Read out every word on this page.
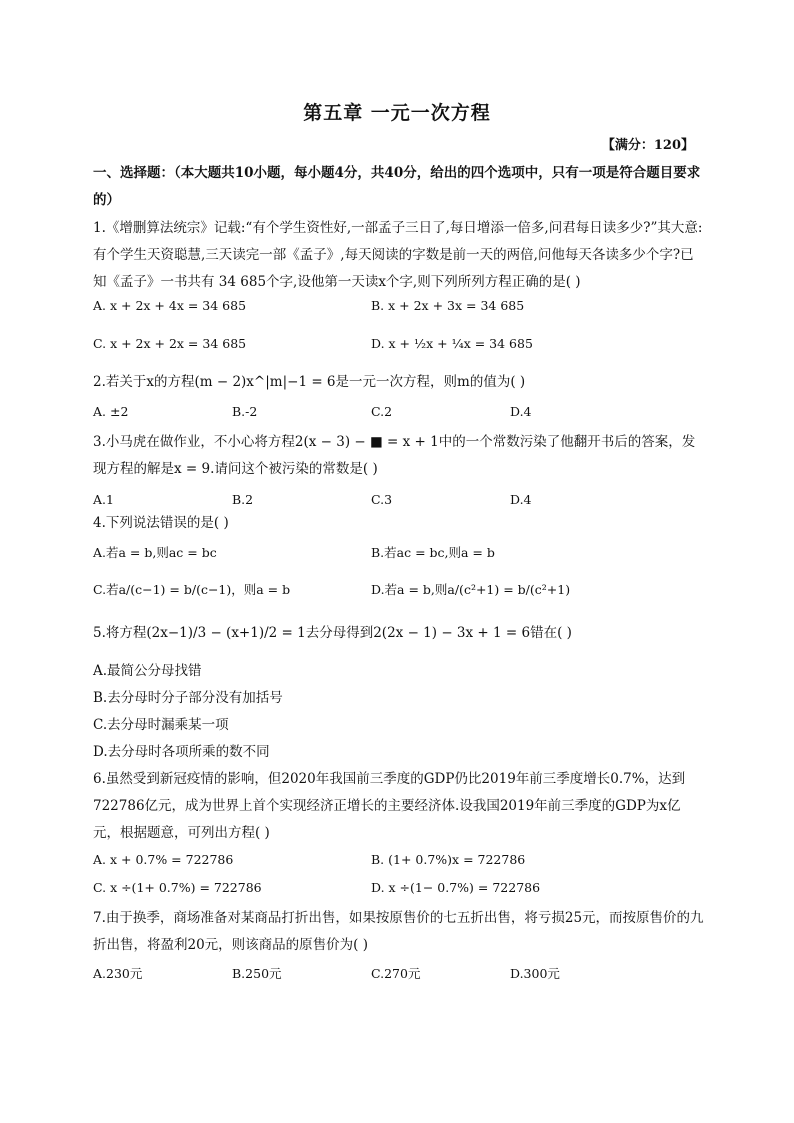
第五章 一元一次方程
【满分：120】
一、选择题：（本大题共10小题，每小题4分，共40分，给出的四个选项中，只有一项是符合题目要求的）
1.《增删算法统宗》记载:“有个学生资性好,一部孟子三日了,每日增添一倍多,问君每日读多少?”其大意:有个学生天资聪慧,三天读完一部《孟子》,每天阅读的字数是前一天的两倍,问他每天各读多少个字?已知《孟子》一书共有 34 685个字,设他第一天读x个字,则下列所列方程正确的是( )
A. x + 2x + 4x = 34 685	B. x + 2x + 3x = 34 685
C. x + 2x + 2x = 34 685	D. x + ½x + ¼x = 34 685
2.若关于x的方程(m − 2)x^|m|−1 = 6是一元一次方程，则m的值为( )
A. ±2	B.-2	C.2	D.4
3.小马虎在做作业，不小心将方程2(x − 3) − ■ = x + 1中的一个常数污染了他翻开书后的答案，发现方程的解是x = 9.请问这个被污染的常数是( )
A.1	B.2	C.3	D.4
4.下列说法错误的是( )
A.若a = b,则ac = bc	B.若ac = bc,则a = b
C.若a/(c−1) = b/(c−1)，则a = b	D.若a = b,则a/(c²+1) = b/(c²+1)
5.将方程(2x−1)/3 − (x+1)/2 = 1去分母得到2(2x − 1) − 3x + 1 = 6错在( )
A.最简公分母找错
B.去分母时分子部分没有加括号
C.去分母时漏乘某一项
D.去分母时各项所乘的数不同
6.虽然受到新冠疫情的影响，但2020年我国前三季度的GDP仍比2019年前三季度增长0.7%，达到722786亿元，成为世界上首个实现经济正增长的主要经济体.设我国2019年前三季度的GDP为x亿元，根据题意，可列出方程( )
A. x + 0.7% = 722786	B. (1+ 0.7%)x = 722786
C. x ÷(1+ 0.7%) = 722786	D. x ÷(1− 0.7%) = 722786
7.由于换季，商场准备对某商品打折出售，如果按原售价的七五折出售，将亏损25元，而按原售价的九折出售，将盈利20元，则该商品的原售价为( )
A.230元	B.250元	C.270元	D.300元
